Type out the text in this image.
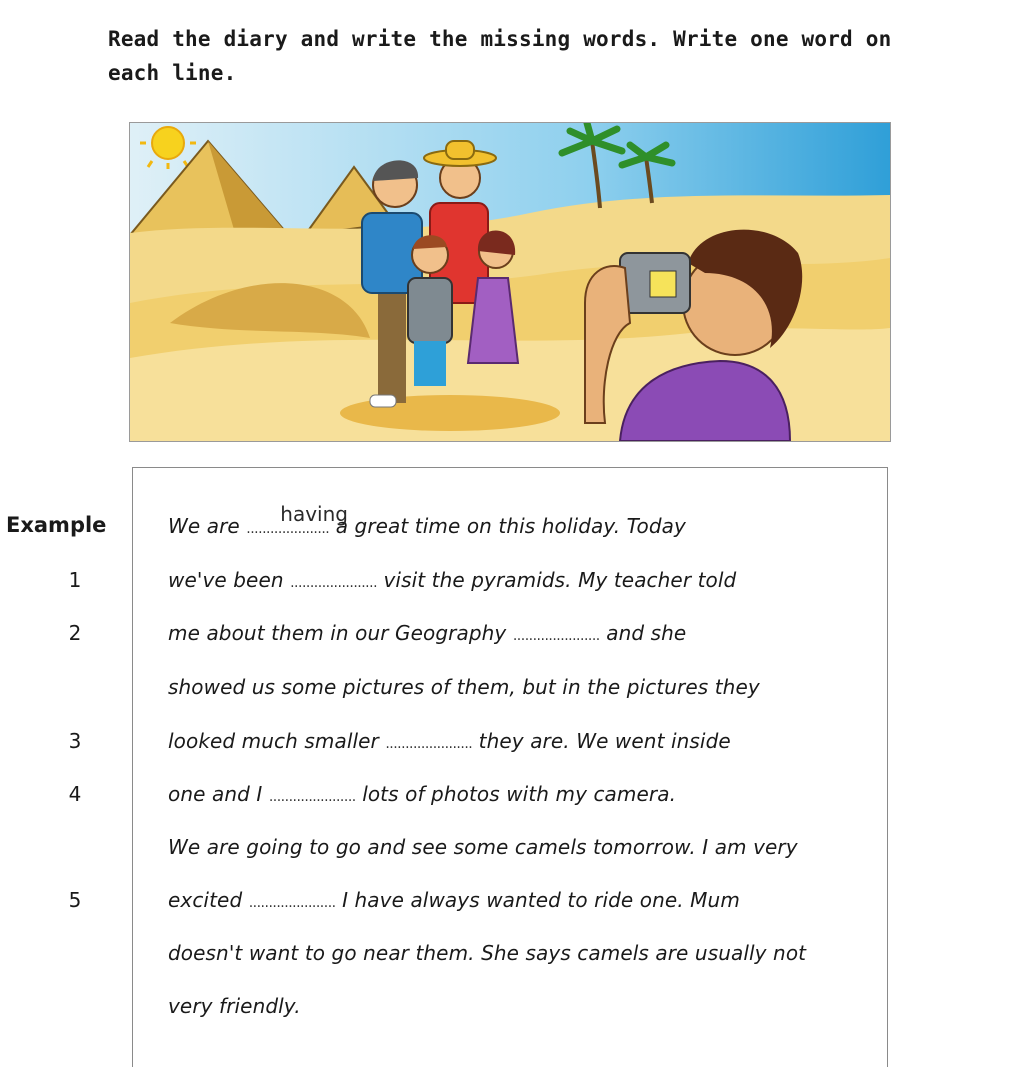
Read the diary and write the missing words. Write one word on
each line.
Example	We are .....................
having
a great time on this holiday. Today
1	we've been ...................... visit the pyramids. My teacher told
2	me about them in our Geography ...................... and she
showed us some pictures of them, but in the pictures they
3	looked much smaller ...................... they are. We went inside
4	one and I ...................... lots of photos with my camera.
We are going to go and see some camels tomorrow. I am very
5	excited ...................... I have always wanted to ride one. Mum
doesn't want to go near them. She says camels are usually not
very friendly.
